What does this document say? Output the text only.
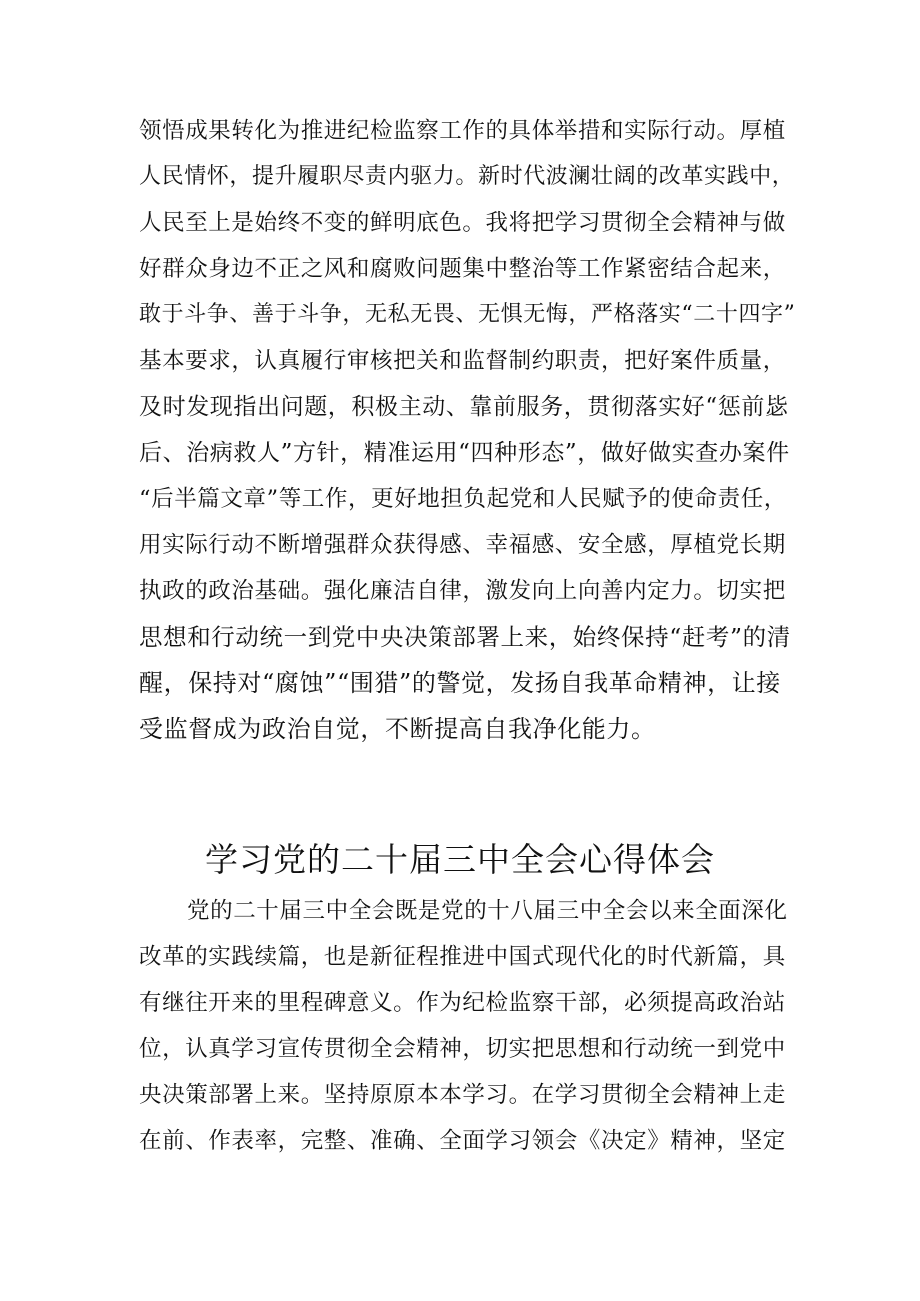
领悟成果转化为推进纪检监察工作的具体举措和实际行动。厚植
人民情怀，提升履职尽责内驱力。新时代波澜壮阔的改革实践中，
人民至上是始终不变的鲜明底色。我将把学习贯彻全会精神与做
好群众身边不正之风和腐败问题集中整治等工作紧密结合起来，
敢于斗争、善于斗争，无私无畏、无惧无悔，严格落实“二十四字”
基本要求，认真履行审核把关和监督制约职责，把好案件质量，
及时发现指出问题，积极主动、靠前服务，贯彻落实好“惩前毖
后、治病救人”方针，精准运用“四种形态”，做好做实查办案件
“后半篇文章”等工作，更好地担负起党和人民赋予的使命责任，
用实际行动不断增强群众获得感、幸福感、安全感，厚植党长期
执政的政治基础。强化廉洁自律，激发向上向善内定力。切实把
思想和行动统一到党中央决策部署上来，始终保持“赶考”的清
醒，保持对“腐蚀”“围猎”的警觉，发扬自我革命精神，让接
受监督成为政治自觉，不断提高自我净化能力。
学习党的二十届三中全会心得体会
党的二十届三中全会既是党的十八届三中全会以来全面深化
改革的实践续篇，也是新征程推进中国式现代化的时代新篇，具
有继往开来的里程碑意义。作为纪检监察干部，必须提高政治站
位，认真学习宣传贯彻全会精神，切实把思想和行动统一到党中
央决策部署上来。坚持原原本本学习。在学习贯彻全会精神上走
在前、作表率，完整、准确、全面学习领会《决定》精神，坚定
